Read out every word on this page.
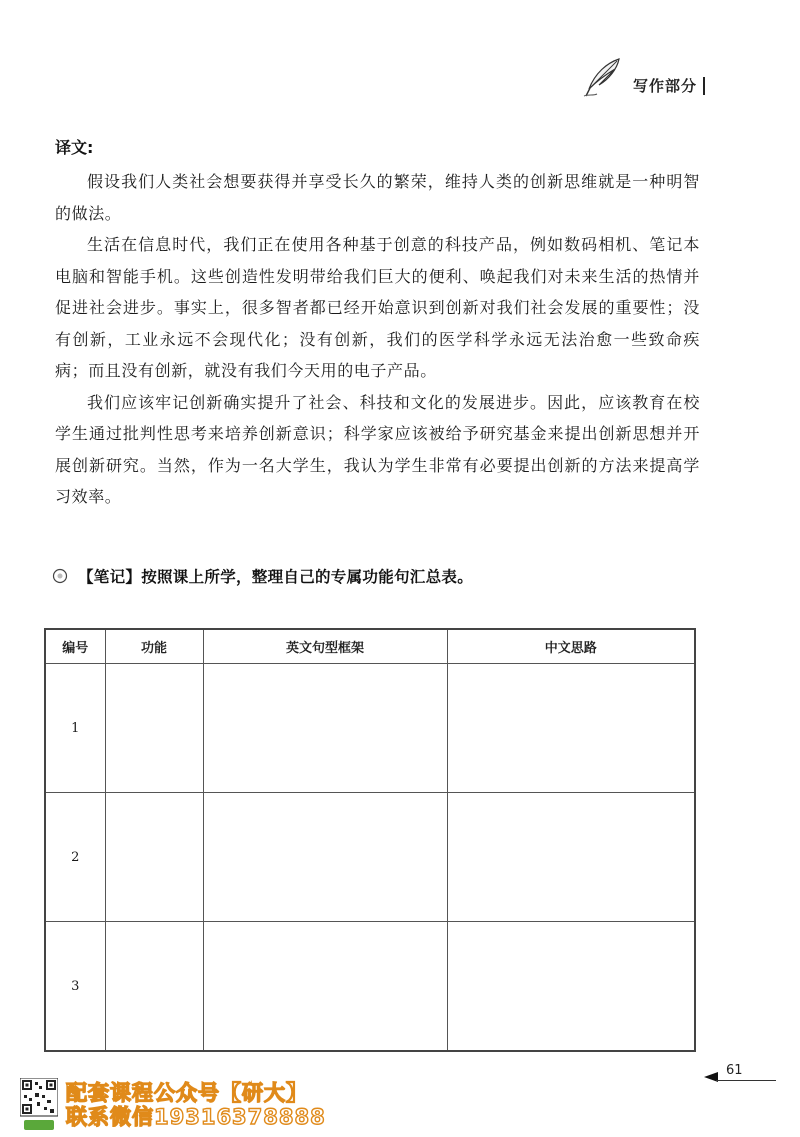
写作部分

译文:

假设我们人类社会想要获得并享受长久的繁荣，维持人类的创新思维就是一种明智的做法。

生活在信息时代，我们正在使用各种基于创意的科技产品，例如数码相机、笔记本电脑和智能手机。这些创造性发明带给我们巨大的便利、唤起我们对未来生活的热情并促进社会进步。事实上，很多智者都已经开始意识到创新对我们社会发展的重要性；没有创新，工业永远不会现代化；没有创新，我们的医学科学永远无法治愈一些致命疾病；而且没有创新，就没有我们今天用的电子产品。

我们应该牢记创新确实提升了社会、科技和文化的发展进步。因此，应该教育在校学生通过批判性思考来培养创新意识；科学家应该被给予研究基金来提出创新思想并开展创新研究。当然，作为一名大学生，我认为学生非常有必要提出创新的方法来提高学习效率。

【笔记】按照课上所学，整理自己的专属功能句汇总表。
编号	功能	英文句型框架	中文思路
1			
2			
3			
61
配套课程公众号【研大】
联系微信19316378888
